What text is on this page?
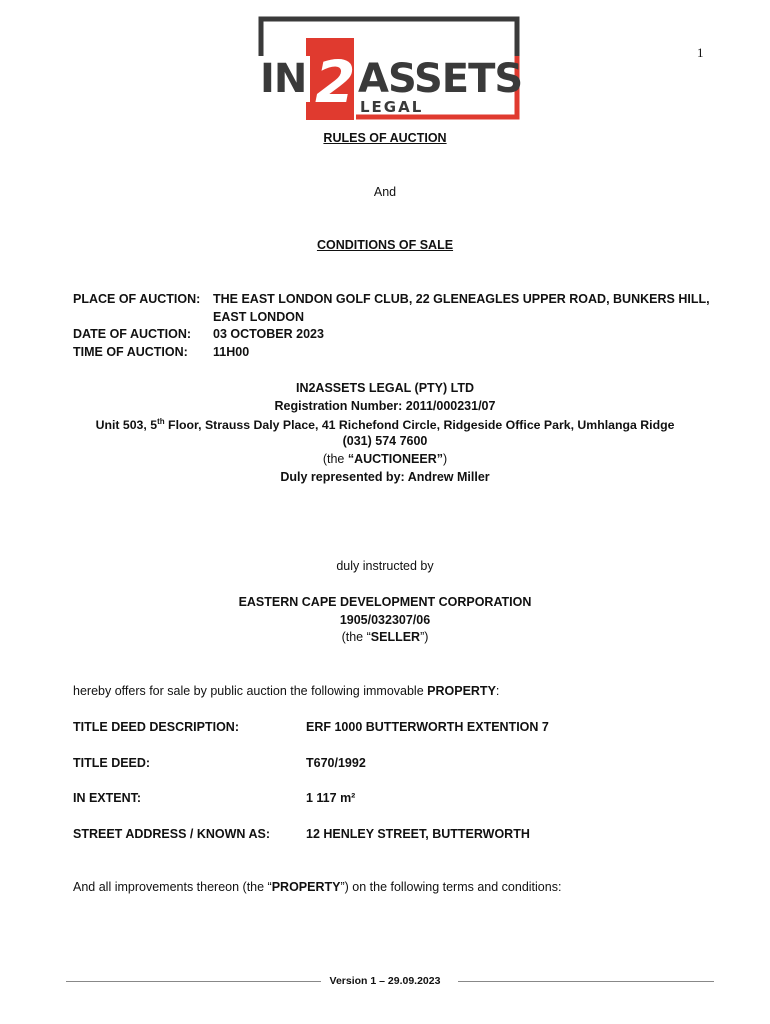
IN 2 ASSETS
LEGAL
1
RULES OF AUCTION
And
CONDITIONS OF SALE
PLACE OF AUCTION: THE EAST LONDON GOLF CLUB, 22 GLENEAGLES UPPER ROAD, BUNKERS HILL,
EAST LONDON
DATE OF AUCTION: 03 OCTOBER 2023
TIME OF AUCTION: 11H00
IN2ASSETS LEGAL (PTY) LTD
Registration Number: 2011/000231/07
Unit 503, 5th Floor, Strauss Daly Place, 41 Richefond Circle, Ridgeside Office Park, Umhlanga Ridge
(031) 574 7600
(the “AUCTIONEER”)
Duly represented by: Andrew Miller
duly instructed by
EASTERN CAPE DEVELOPMENT CORPORATION
1905/032307/06
(the “SELLER”)
hereby offers for sale by public auction the following immovable PROPERTY:
TITLE DEED DESCRIPTION:	ERF 1000 BUTTERWORTH EXTENTION 7
TITLE DEED:	T670/1992
IN EXTENT:	1 117 m²
STREET ADDRESS / KNOWN AS:	12 HENLEY STREET, BUTTERWORTH
And all improvements thereon (the “PROPERTY”) on the following terms and conditions:
Version 1 – 29.09.2023
